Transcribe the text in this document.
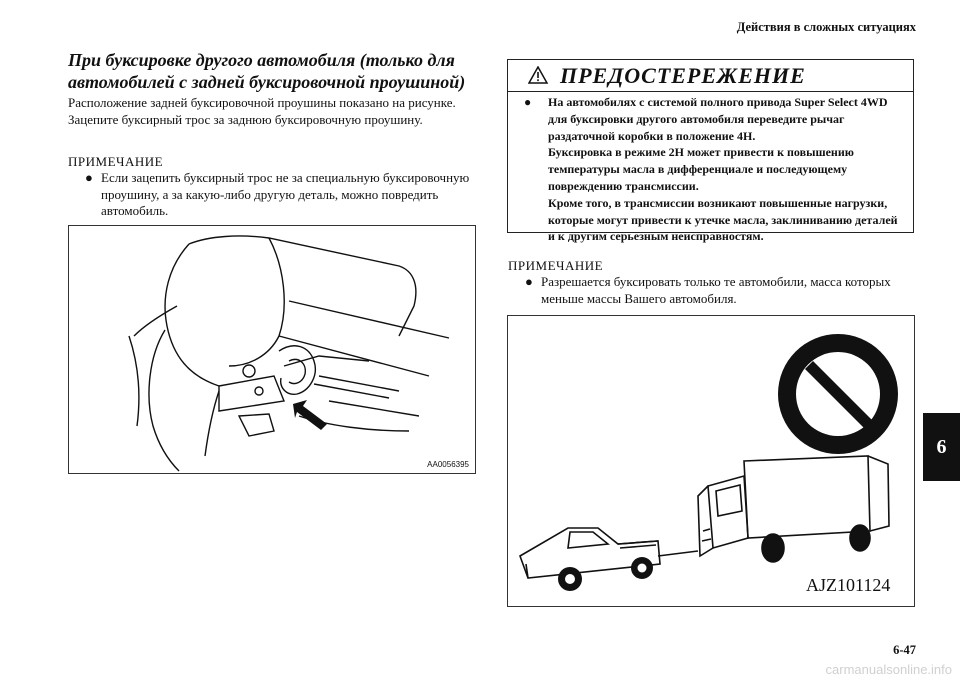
Действия в сложных ситуациях
При буксировке другого автомобиля (только для автомобилей с задней буксировочной проушиной)
Расположение задней буксировочной проушины показано на рисунке. Зацепите буксирный трос за заднюю буксировочную проушину.
ПРИМЕЧАНИЕ
● Если зацепить буксирный трос не за специальную буксировочную проушину, а за какую-либо другую деталь, можно повредить автомобиль.
AA0056395
ПРЕДОСТЕРЕЖЕНИЕ
● На автомобилях с системой полного привода Super Select 4WD
для буксировки другого автомобиля переведите рычаг
раздаточной коробки в положение 4H.
Буксировка в режиме 2H может привести к повышению
температуры масла в дифференциале и последующему
повреждению трансмиссии.
Кроме того, в трансмиссии возникают повышенные нагрузки,
которые могут привести к утечке масла, заклиниванию деталей
и к другим серьезным неисправностям.
ПРИМЕЧАНИЕ
● Разрешается буксировать только те автомобили, масса которых меньше массы Вашего автомобиля.
AJZ101124
6
6-47
carmanualsonline.info
